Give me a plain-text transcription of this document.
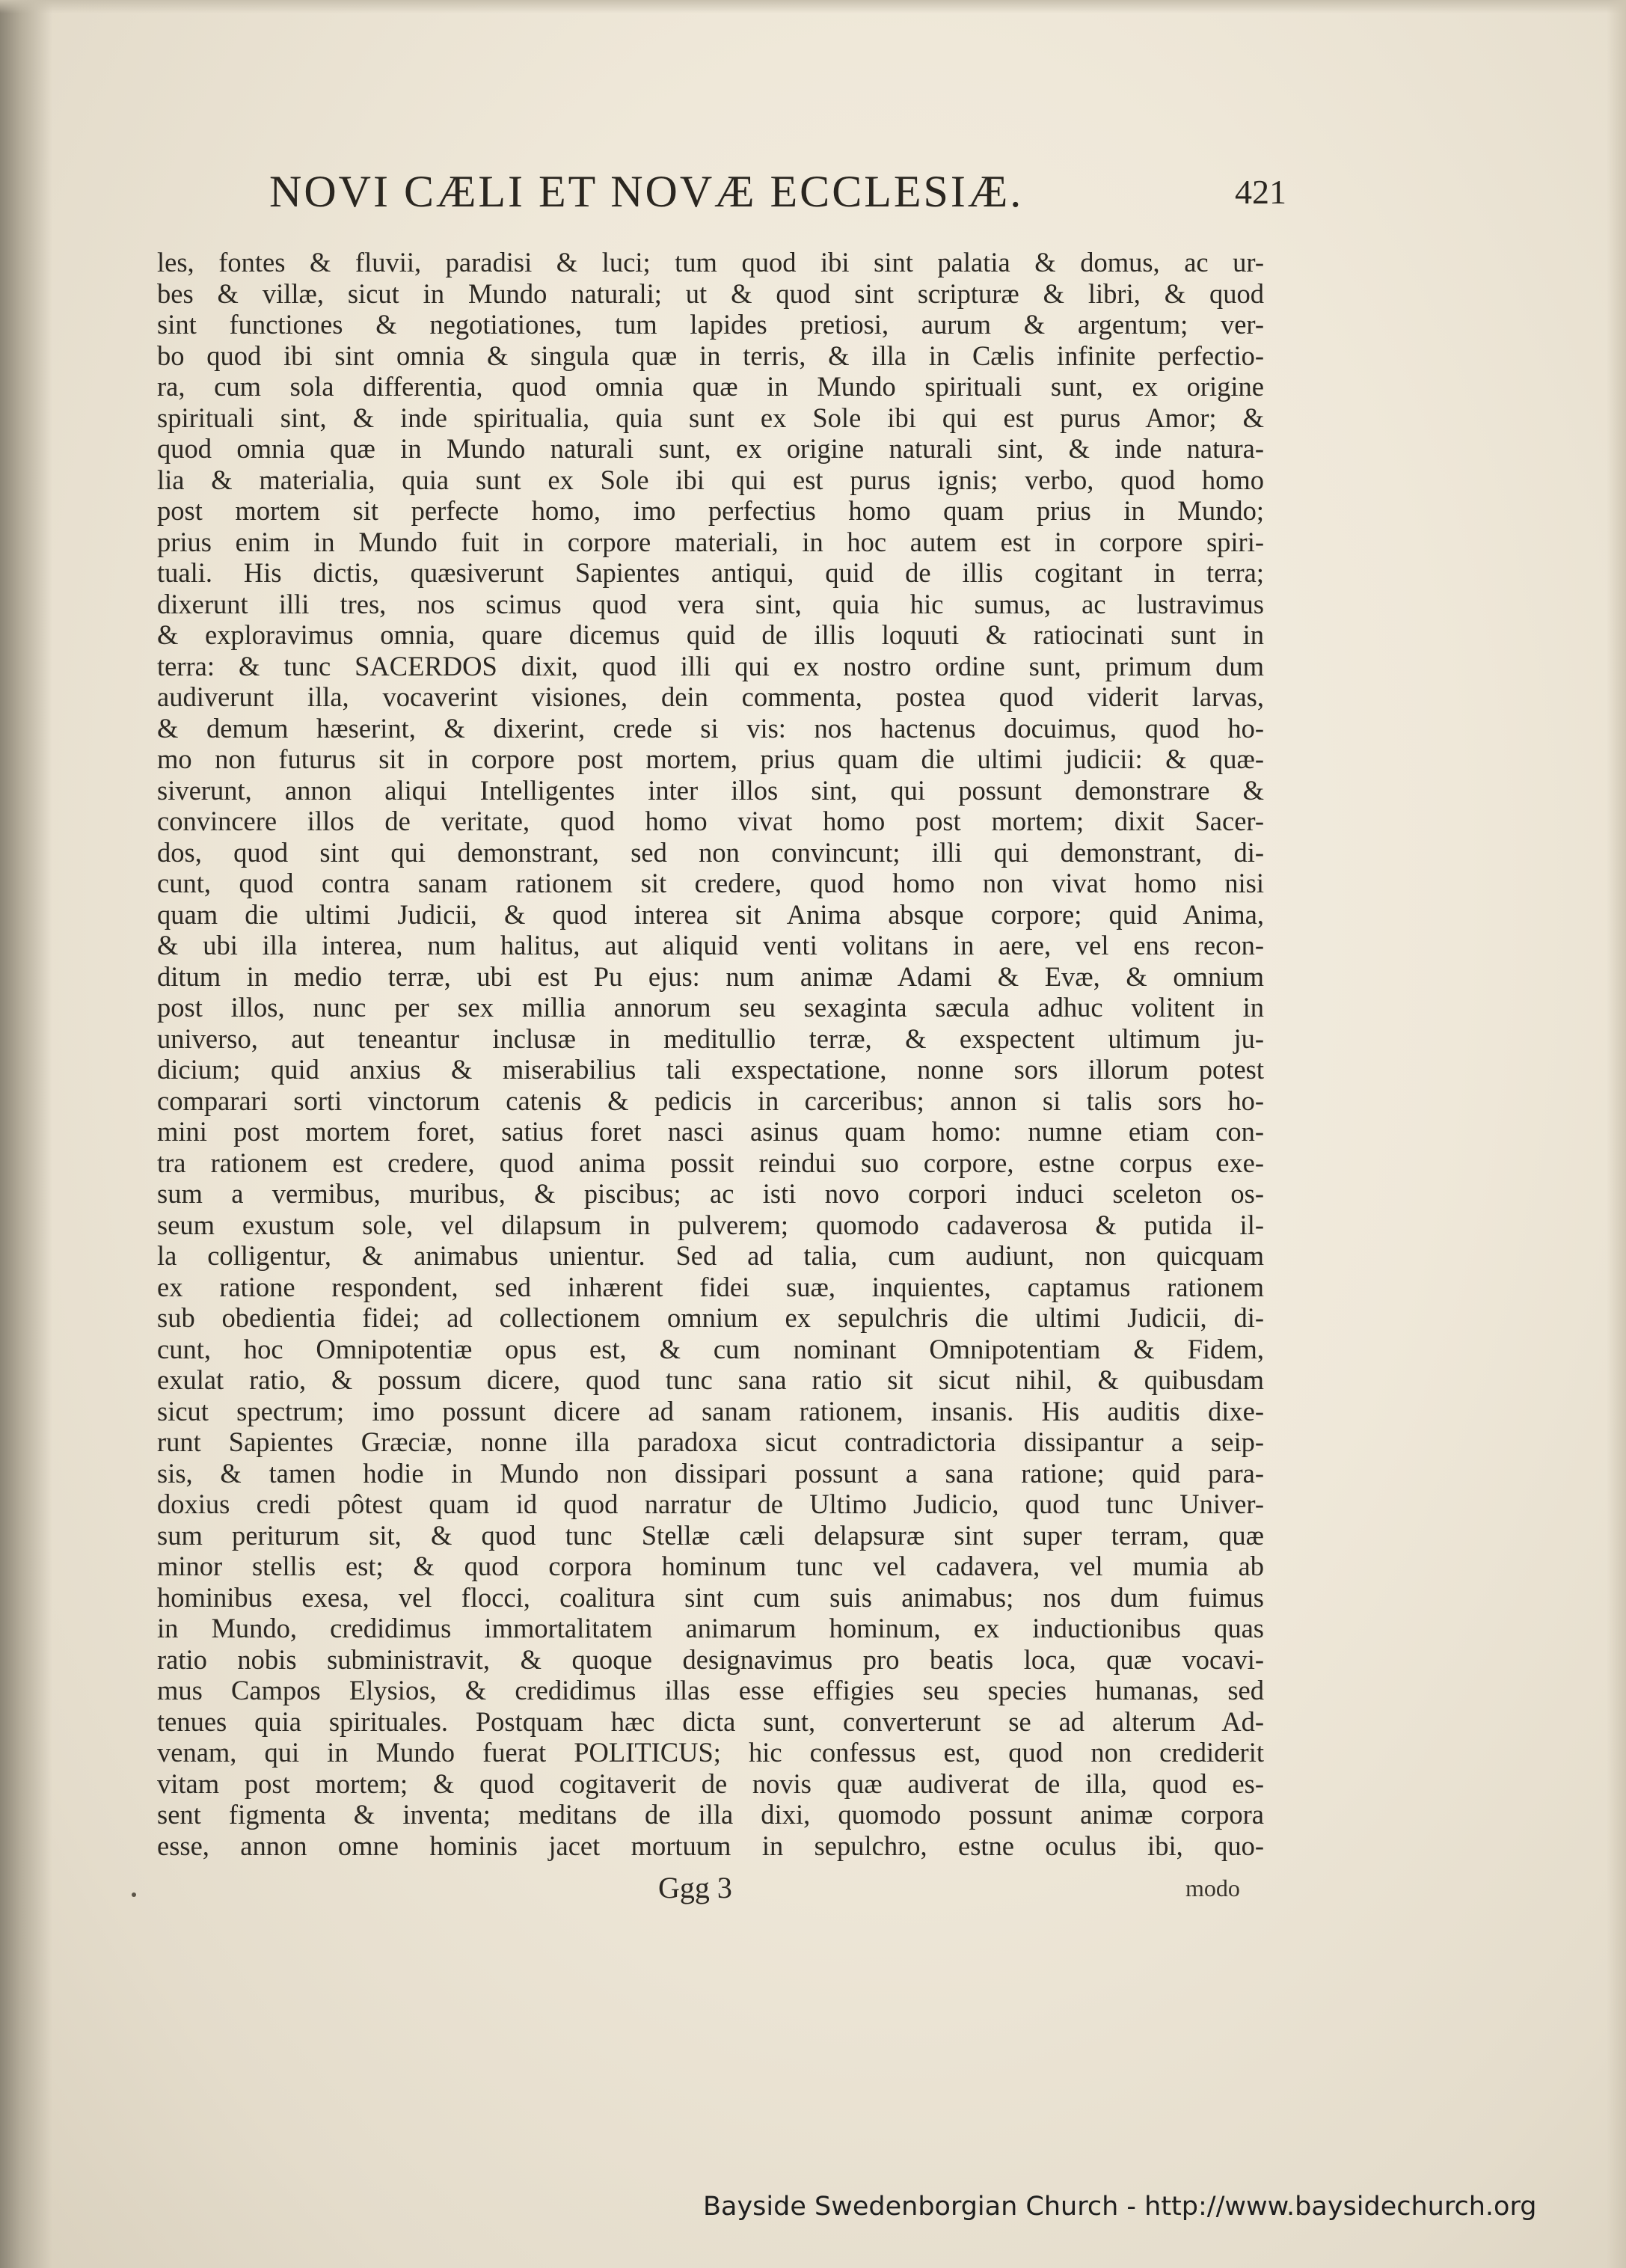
NOVI CÆLI ET NOVÆ ECCLESIÆ.	421
les, fontes & fluvii, paradisi & luci; tum quod ibi sint palatia & domus, ac ur-
bes & villæ, sicut in Mundo naturali; ut & quod sint scripturæ & libri, & quod
sint functiones & negotiationes, tum lapides pretiosi, aurum & argentum; ver-
bo quod ibi sint omnia & singula quæ in terris, & illa in Cælis infinite perfectio-
ra, cum sola differentia, quod omnia quæ in Mundo spirituali sunt, ex origine
spirituali sint, & inde spiritualia, quia sunt ex Sole ibi qui est purus Amor; &
quod omnia quæ in Mundo naturali sunt, ex origine naturali sint, & inde natura-
lia & materialia, quia sunt ex Sole ibi qui est purus ignis; verbo, quod homo
post mortem sit perfecte homo, imo perfectius homo quam prius in Mundo;
prius enim in Mundo fuit in corpore materiali, in hoc autem est in corpore spiri-
tuali. His dictis, quæsiverunt Sapientes antiqui, quid de illis cogitant in terra;
dixerunt illi tres, nos scimus quod vera sint, quia hic sumus, ac lustravimus
& exploravimus omnia, quare dicemus quid de illis loquuti & ratiocinati sunt in
terra: & tunc SACERDOS dixit, quod illi qui ex nostro ordine sunt, primum dum
audiverunt illa, vocaverint visiones, dein commenta, postea quod viderit larvas,
& demum hæserint, & dixerint, crede si vis: nos hactenus docuimus, quod ho-
mo non futurus sit in corpore post mortem, prius quam die ultimi judicii: & quæ-
siverunt, annon aliqui Intelligentes inter illos sint, qui possunt demonstrare &
convincere illos de veritate, quod homo vivat homo post mortem; dixit Sacer-
dos, quod sint qui demonstrant, sed non convincunt; illi qui demonstrant, di-
cunt, quod contra sanam rationem sit credere, quod homo non vivat homo nisi
quam die ultimi Judicii, & quod interea sit Anima absque corpore; quid Anima,
& ubi illa interea, num halitus, aut aliquid venti volitans in aere, vel ens recon-
ditum in medio terræ, ubi est Pu ejus: num animæ Adami & Evæ, & omnium
post illos, nunc per sex millia annorum seu sexaginta sæcula adhuc volitent in
universo, aut teneantur inclusæ in meditullio terræ, & exspectent ultimum ju-
dicium; quid anxius & miserabilius tali exspectatione, nonne sors illorum potest
comparari sorti vinctorum catenis & pedicis in carceribus; annon si talis sors ho-
mini post mortem foret, satius foret nasci asinus quam homo: numne etiam con-
tra rationem est credere, quod anima possit reindui suo corpore, estne corpus exe-
sum a vermibus, muribus, & piscibus; ac isti novo corpori induci sceleton os-
seum exustum sole, vel dilapsum in pulverem; quomodo cadaverosa & putida il-
la colligentur, & animabus unientur. Sed ad talia, cum audiunt, non quicquam
ex ratione respondent, sed inhærent fidei suæ, inquientes, captamus rationem
sub obedientia fidei; ad collectionem omnium ex sepulchris die ultimi Judicii, di-
cunt, hoc Omnipotentiæ opus est, & cum nominant Omnipotentiam & Fidem,
exulat ratio, & possum dicere, quod tunc sana ratio sit sicut nihil, & quibusdam
sicut spectrum; imo possunt dicere ad sanam rationem, insanis. His auditis dixe-
runt Sapientes Græciæ, nonne illa paradoxa sicut contradictoria dissipantur a seip-
sis, & tamen hodie in Mundo non dissipari possunt a sana ratione; quid para-
doxius credi pôtest quam id quod narratur de Ultimo Judicio, quod tunc Univer-
sum periturum sit, & quod tunc Stellæ cæli delapsuræ sint super terram, quæ
minor stellis est; & quod corpora hominum tunc vel cadavera, vel mumia ab
hominibus exesa, vel flocci, coalitura sint cum suis animabus; nos dum fuimus
in Mundo, credidimus immortalitatem animarum hominum, ex inductionibus quas
ratio nobis subministravit, & quoque designavimus pro beatis loca, quæ vocavi-
mus Campos Elysios, & credidimus illas esse effigies seu species humanas, sed
tenues quia spirituales. Postquam hæc dicta sunt, converterunt se ad alterum Ad-
venam, qui in Mundo fuerat POLITICUS; hic confessus est, quod non crediderit
vitam post mortem; & quod cogitaverit de novis quæ audiverat de illa, quod es-
sent figmenta & inventa; meditans de illa dixi, quomodo possunt animæ corpora
esse, annon omne hominis jacet mortuum in sepulchro, estne oculus ibi, quo-
Ggg 3	modo
Bayside Swedenborgian Church - http://www.baysidechurch.org
